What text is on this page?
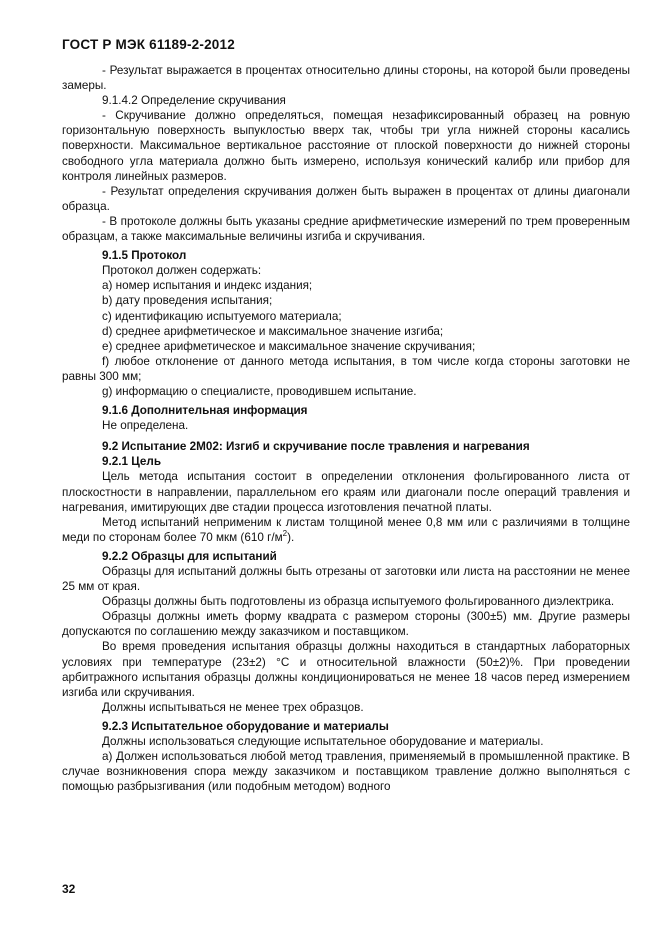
ГОСТ Р МЭК 61189-2-2012

- Результат выражается в процентах относительно длины стороны, на которой были проведены замеры.

9.1.4.2 Определение скручивания

- Скручивание должно определяться, помещая незафиксированный образец на ровную горизонтальную поверхность выпуклостью вверх так, чтобы три угла нижней стороны касались поверхности. Максимальное вертикальное расстояние от плоской поверхности до нижней стороны свободного угла материала должно быть измерено, используя конический калибр или прибор для контроля линейных размеров.

- Результат определения скручивания должен быть выражен в процентах от длины диагонали образца.

- В протоколе должны быть указаны средние арифметические измерений по трем проверенным образцам, а также максимальные величины изгиба и скручивания.

9.1.5 Протокол

Протокол должен содержать:

a) номер испытания и индекс издания;

b) дату проведения испытания;

c) идентификацию испытуемого материала;

d) среднее арифметическое и максимальное значение изгиба;

e) среднее арифметическое и максимальное значение скручивания;

f) любое отклонение от данного метода испытания, в том числе когда стороны заготовки не равны 300 мм;

g) информацию о специалисте, проводившем испытание.

9.1.6 Дополнительная информация

Не определена.

9.2 Испытание 2М02: Изгиб и скручивание после травления и нагревания

9.2.1 Цель

Цель метода испытания состоит в определении отклонения фольгированного листа от плоскостности в направлении, параллельном его краям или диагонали после операций травления и нагревания, имитирующих две стадии процесса изготовления печатной платы.

Метод испытаний неприменим к листам толщиной менее 0,8 мм или с различиями в толщине меди по сторонам более 70 мкм (610 $г/м^2$).

9.2.2 Образцы для испытаний

Образцы для испытаний должны быть отрезаны от заготовки или листа на расстоянии не менее 25 мм от края.

Образцы должны быть подготовлены из образца испытуемого фольгированного диэлектрика.

Образцы должны иметь форму квадрата с размером стороны (300±5) мм. Другие размеры допускаются по соглашению между заказчиком и поставщиком.

Во время проведения испытания образцы должны находиться в стандартных лабораторных условиях при температуре (23±2) °С и относительной влажности (50±2)%. При проведении арбитражного испытания образцы должны кондиционироваться не менее 18 часов перед измерением изгиба или скручивания.

Должны испытываться не менее трех образцов.

9.2.3 Испытательное оборудование и материалы

Должны использоваться следующие испытательное оборудование и материалы.

a) Должен использоваться любой метод травления, применяемый в промышленной практике. В случае возникновения спора между заказчиком и поставщиком травление должно выполняться с помощью разбрызгивания (или подобным методом) водного

32
